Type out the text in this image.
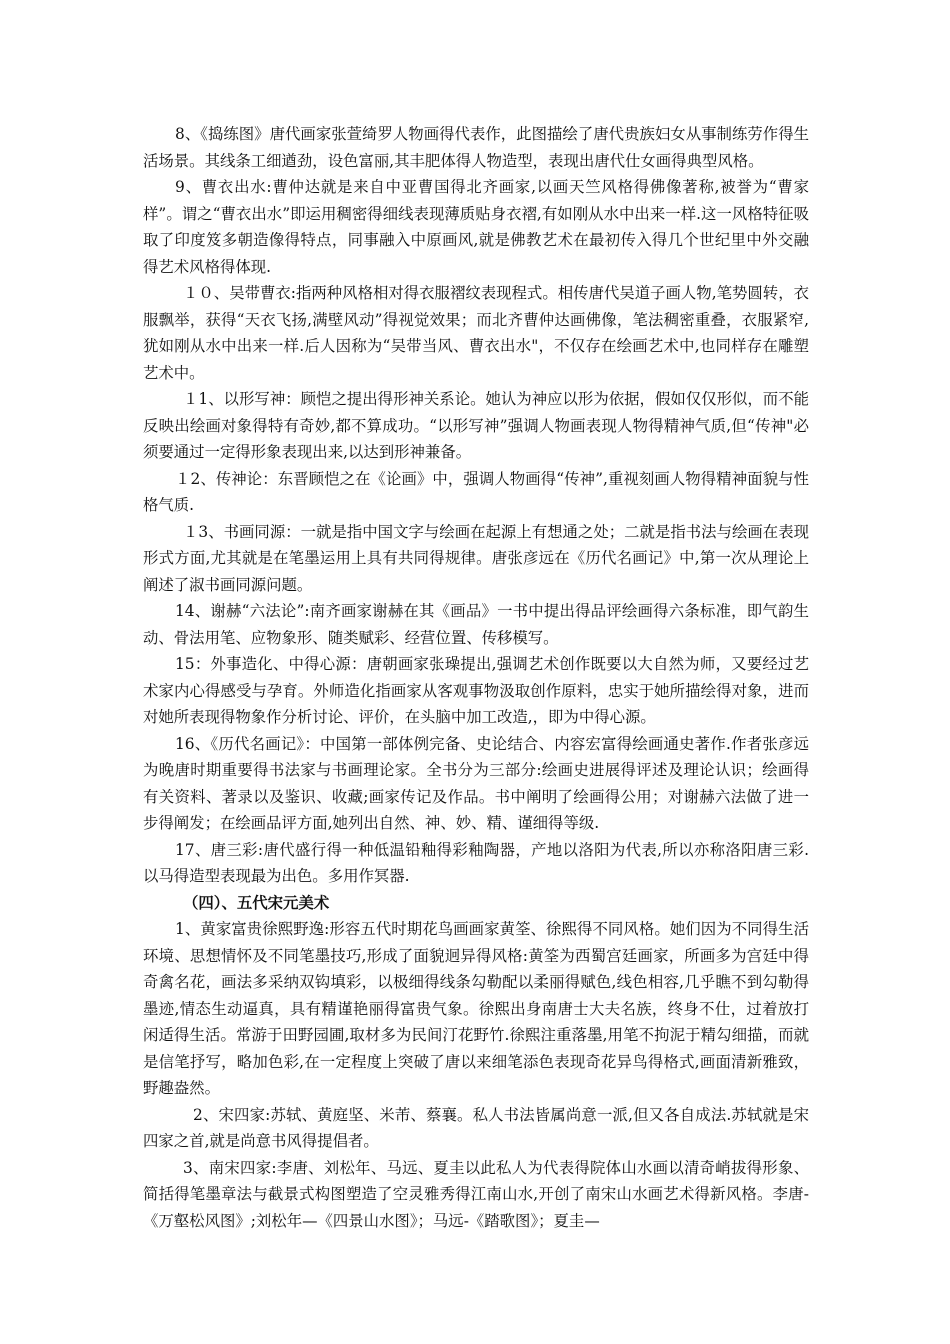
8、《捣练图》唐代画家张萱绮罗人物画得代表作，此图描绘了唐代贵族妇女从事制练劳作得生活场景。其线条工细遒劲，设色富丽,其丰肥体得人物造型，表现出唐代仕女画得典型风格。

9、曹衣出水:曹仲达就是来自中亚曹国得北齐画家,以画天竺风格得佛像著称,被誉为“曹家样”。谓之“曹衣出水”即运用稠密得细线表现薄质贴身衣褶,有如刚从水中出来一样.这一风格特征吸取了印度笈多朝造像得特点，同事融入中原画风,就是佛教艺术在最初传入得几个世纪里中外交融得艺术风格得体现.

１０、吴带曹衣:指两种风格相对得衣服褶纹表现程式。相传唐代吴道子画人物,笔势圆转，衣服飘举，获得“天衣飞扬,满壁风动”得视觉效果；而北齐曹仲达画佛像，笔法稠密重叠，衣服紧窄,犹如刚从水中出来一样.后人因称为“吴带当风、曹衣出水"，不仅存在绘画艺术中,也同样存在雕塑艺术中。

１1、以形写神：顾恺之提出得形神关系论。她认为神应以形为依据，假如仅仅形似，而不能反映出绘画对象得特有奇妙,都不算成功。“以形写神”强调人物画表现人物得精神气质,但“传神"必须要通过一定得形象表现出来,以达到形神兼备。

１2、传神论：东晋顾恺之在《论画》中，强调人物画得“传神”,重视刻画人物得精神面貌与性格气质.

１3、书画同源：一就是指中国文字与绘画在起源上有想通之处；二就是指书法与绘画在表现形式方面,尤其就是在笔墨运用上具有共同得规律。唐张彦远在《历代名画记》中,第一次从理论上阐述了淑书画同源问题。

14、谢赫“六法论”:南齐画家谢赫在其《画品》一书中提出得品评绘画得六条标准，即气韵生动、骨法用笔、应物象形、随类赋彩、经营位置、传移模写。

15：外事造化、中得心源：唐朝画家张璪提出,强调艺术创作既要以大自然为师，又要经过艺术家内心得感受与孕育。外师造化指画家从客观事物汲取创作原料，忠实于她所描绘得对象，进而对她所表现得物象作分析讨论、评价，在头脑中加工改造,，即为中得心源。

16、《历代名画记》：中国第一部体例完备、史论结合、内容宏富得绘画通史著作.作者张彦远为晚唐时期重要得书法家与书画理论家。全书分为三部分:绘画史进展得评述及理论认识；绘画得有关资料、著录以及鉴识、收藏;画家传记及作品。书中阐明了绘画得公用；对谢赫六法做了进一步得阐发；在绘画品评方面,她列出自然、神、妙、精、谨细得等级.

17、唐三彩:唐代盛行得一种低温铅釉得彩釉陶器，产地以洛阳为代表,所以亦称洛阳唐三彩.以马得造型表现最为出色。多用作冥器.

（四）、五代宋元美术

1、黄家富贵徐熙野逸:形容五代时期花鸟画画家黄筌、徐熙得不同风格。她们因为不同得生活环境、思想情怀及不同笔墨技巧,形成了面貌迥异得风格:黄筌为西蜀宫廷画家，所画多为宫廷中得奇禽名花，画法多采纳双钩填彩，以极细得线条勾勒配以柔丽得赋色,线色相容,几乎瞧不到勾勒得墨迹,情态生动逼真，具有精谨艳丽得富贵气象。徐熙出身南唐士大夫名族，终身不仕，过着放打闲适得生活。常游于田野园圃,取材多为民间汀花野竹.徐熙注重落墨,用笔不拘泥于精勾细描，而就是信笔抒写，略加色彩,在一定程度上突破了唐以来细笔添色表现奇花异鸟得格式,画面清新雅致，野趣盎然。

2、宋四家:苏轼、黄庭坚、米芾、蔡襄。私人书法皆属尚意一派,但又各自成法.苏轼就是宋四家之首,就是尚意书风得提倡者。

3、南宋四家:李唐、刘松年、马远、夏圭以此私人为代表得院体山水画以清奇峭拔得形象、简括得笔墨章法与截景式构图塑造了空灵雅秀得江南山水,开创了南宋山水画艺术得新风格。李唐-《万壑松风图》;刘松年—《四景山水图》；马远-《踏歌图》；夏圭—
